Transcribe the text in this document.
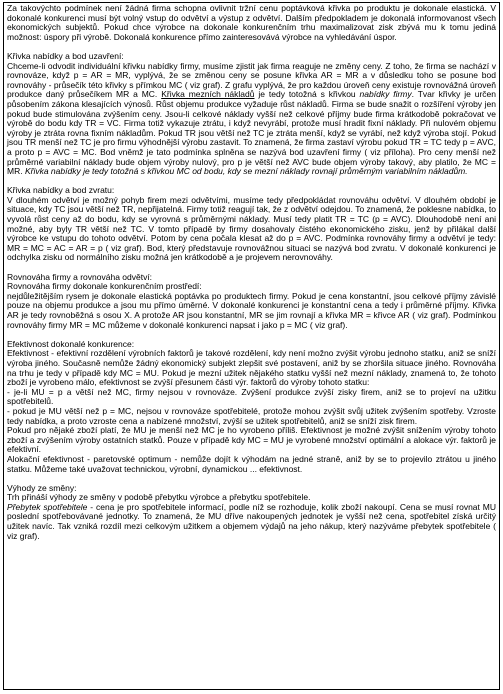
Za takovýchto podmínek není žádná firma schopna ovlivnit tržní cenu poptávková křivka po produktu je dokonale elastická. V dokonalé konkurenci musí být volný vstup do odvětví a výstup z odvětví. Dalším předpokladem je dokonalá informovanost všech ekonomických subjektů. Pokud chce výrobce na dokonale konkurenčním trhu maximalizovat zisk zbývá mu k tomu jediná možnost: úspory při výrobě. Dokonalá konkurence přímo zainteresovává výrobce na vyhledávání úspor.

Křivka nabídky a bod uzavření:

Chceme-li odvodit individuální křivku nabídky firmy, musíme zjistit jak firma reaguje ne změny ceny. Z toho, že firma se nachází v rovnováze, když p = AR = MR, vyplývá, že se změnou ceny se posune křivka AR = MR a v důsledku toho se posune bod rovnováhy - průsečík této křivky s přímkou MC ( viz graf). Z grafu vyplývá, že pro každou úroveň ceny existuje rovnovážná úroveň produkce daný průsečíkem MR a MC. Křivka mezních nákladů je tedy totožná s křivkou nabídky firmy. Tvar křivky je určen působením zákona klesajících výnosů. Růst objemu produkce vyžaduje růst nákladů. Firma se bude snažit o rozšíření výroby jen pokud bude stimulována zvýšením ceny. Jsou-li celkové náklady vyšší než celkové příjmy bude firma krátkodobě pokračovat ve výrobě do bodu kdy TR = VC. Firma totiž vykazuje ztrátu, i když nevyrábí, protože musí hradit fixní náklady. Při nulovém objemu výroby je ztráta rovna fixním nákladům. Pokud TR jsou větší než TC je ztráta menší, když se vyrábí, než když výroba stojí. Pokud jsou TR menší než TC je pro firmu výhodnější výrobu zastavit. To znamená, že firma zastaví výrobu pokud TR = TC tedy p = AVC, a proto p = AVC = MC. Bod vněmž je tato podmínka splněna se nazývá bod uzavření firmy ( viz příloha). Pro ceny menší než průměrné variabilní náklady bude objem výroby nulový, pro p je větší než AVC bude objem výroby takový, aby platilo, že MC = MR. Křivka nabídky je tedy totožná s křivkou MC od bodu, kdy se mezní náklady rovnají průměrným variabilním nákladům.

Křivka nabídky a bod zvratu:

V dlouhém odvětví je možný pohyb firem mezi odvětvími, musíme tedy předpokládat rovnováhu odvětví. V dlouhém období je situace, kdy TC jsou větší než TR, nepřijatelná. Firmy totiž reagují tak, že z odvětví odejdou. To znamená, že poklesne nabídka, to vyvolá růst ceny až do bodu, kdy se vyrovná s průměrnými náklady. Musí tedy platit TR = TC (p = AVC). Dlouhodobě není ani možné, aby byly TR větší než TC. V tomto případě by firmy dosahovaly čistého ekonomického zisku, jenž by přilákal další výrobce ke vstupu do tohoto odvětví. Potom by cena počala klesat až do p = AVC. Podmínka rovnováhy firmy a odvětví je tedy: MR = MC = AC = AR = p ( viz graf). Bod, který představuje rovnovážnou situaci se nazývá bod zvratu. V dokonalé konkurenci je odchylka zisku od normálního zisku možná jen krátkodobě a je projevem nerovnováhy.

Rovnováha firmy a rovnováha odvětví:

Rovnováha firmy dokonale konkurenčním prostředí:

nejdůležitějším rysem je dokonale elastická poptávka po produktech firmy. Pokud je cena konstantní, jsou celkové příjmy závislé pouze na objemu produkce a jsou mu přímo úměrné. V dokonalé konkurenci je konstantní cena a tedy i průměrné příjmy. Křivka AR je tedy rovnoběžná s osou X. A protože AR jsou konstantní, MR se jim rovnají a křivka MR = křivce AR ( viz graf). Podmínkou rovnováhy firmy MR = MC můžeme v dokonalé konkurenci napsat i jako p = MC ( viz graf).

Efektivnost dokonalé konkurence:

Efektivnost - efektivní rozdělení výrobních faktorů je takové rozdělení, kdy není možno zvýšit výrobu jednoho statku, aniž se sníží výroba jiného. Současně nemůže žádný ekonomický subjekt zlepšit své postavení, aniž by se zhoršila situace jiného. Rovnováha na trhu je tedy v případě kdy MC = MU. Pokud je mezní užitek nějakého statku vyšší než mezní náklady, znamená to, že tohoto zboží je vyrobeno málo, efektivnost se zvýší přesunem části výr. faktorů do výroby tohoto statku:

- je-li MU = p a větší než MC, firmy nejsou v rovnováze. Zvýšení produkce zvýší zisky firem, aniž se to projeví na užitku spotřebitelů.

- pokud je MU větší než p = MC, nejsou v rovnováze spotřebitelé, protože mohou zvýšit svůj užitek zvýšením spotřeby. Vzroste tedy nabídka, a proto vzroste cena a nabízené množství, zvýší se užitek spotřebitelů, aniž se sníží zisk firem.

Pokud pro nějaké zboží platí, že MU je menší než MC je ho vyrobeno příliš. Efektivnost je možné zvýšit snížením výroby tohoto zboží a zvýšením výroby ostatních statků. Pouze v případě kdy MC = MU je vyrobené množství optimální a alokace výr. faktorů je efektivní.

Alokační efektivnost - paretovské optimum - nemůže dojít k výhodám na jedné straně, aniž by se to projevilo ztrátou u jiného statku. Můžeme také uvažovat technickou, výrobní, dynamickou ... efektivnost.

Výhody ze směny:

Trh přináší výhody ze směny v podobě přebytku výrobce a přebytku spotřebitele.

Přebytek spotřebitele - cena je pro spotřebitele informací, podle níž se rozhoduje, kolik zboží nakoupí. Cena se musí rovnat MU poslední spotřebovávané jednotky. To znamená, že MU dříve nakoupených jednotek je vyšší než cena, spotřebitel získá určitý užitek navíc. Tak vzniká rozdíl mezi celkovým užitkem a objemem výdajů na jeho nákup, který nazýváme přebytek spotřebitele ( viz graf).
